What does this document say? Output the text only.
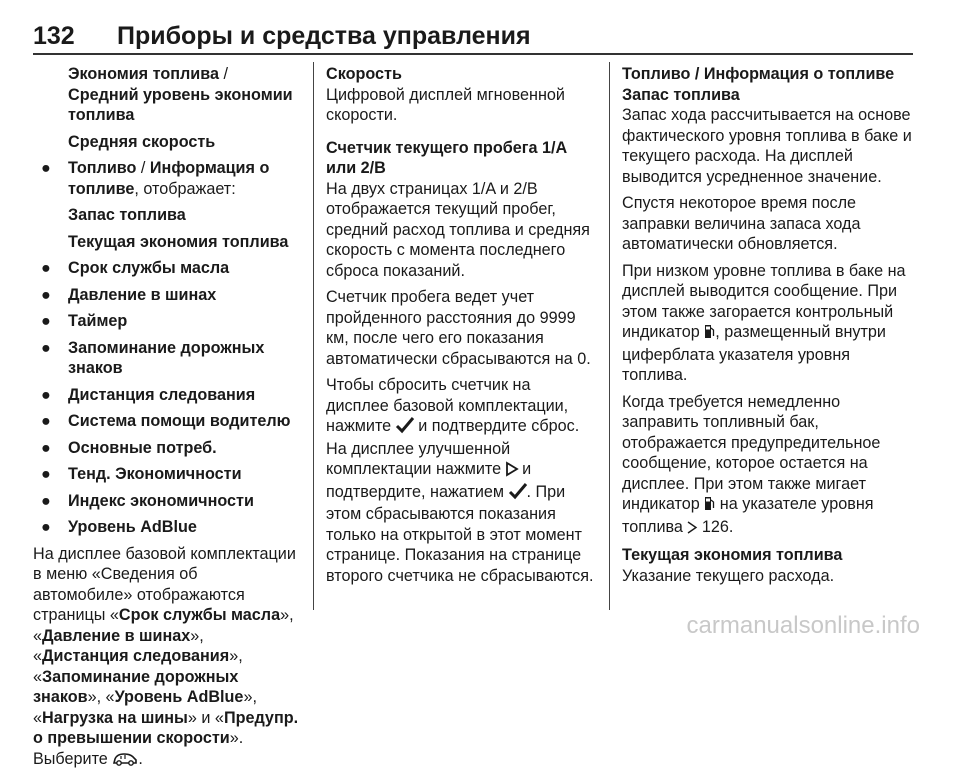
132 Приборы и средства управления
Экономия топлива / Средний уровень экономии топлива
Средняя скорость
● Топливо / Информация о топливе, отображает:
Запас топлива
Текущая экономия топлива
● Срок службы масла
● Давление в шинах
● Таймер
● Запоминание дорожных знаков
● Дистанция следования
● Система помощи водителю
● Основные потреб.
● Тенд. Экономичности
● Индекс экономичности
● Уровень AdBlue
На дисплее базовой комплектации в меню «Сведения об автомобиле» отображаются страницы «Срок службы масла», «Давление в шинах», «Дистанция следования», «Запоминание дорожных знаков», «Уровень AdBlue», «Нагрузка на шины» и «Предупр. о превышении скорости». Выберите .
Скорость
Цифровой дисплей мгновенной скорости.
Счетчик текущего пробега 1/A или 2/B
На двух страницах 1/A и 2/B отображается текущий пробег, средний расход топлива и средняя скорость с момента последнего сброса показаний.
Счетчик пробега ведет учет пройденного расстояния до 9999 км, после чего его показания автоматически сбрасываются на 0.
Чтобы сбросить счетчик на дисплее базовой комплектации, нажмите и подтвердите сброс. На дисплее улучшенной комплектации нажмите и подтвердите, нажатием . При этом сбрасываются показания только на открытой в этот момент странице. Показания на странице второго счетчика не сбрасываются.
Топливо / Информация о топливе
Запас топлива
Запас хода рассчитывается на основе фактического уровня топлива в баке и текущего расхода. На дисплей выводится усредненное значение.
Спустя некоторое время после заправки величина запаса хода автоматически обновляется.
При низком уровне топлива в баке на дисплей выводится сообщение. При этом также загорается контрольный индикатор , размещенный внутри циферблата указателя уровня топлива.
Когда требуется немедленно заправить топливный бак, отображается предупредительное сообщение, которое остается на дисплее. При этом также мигает индикатор на указателе уровня топлива 126.
Текущая экономия топлива
Указание текущего расхода.
carmanualsonline.info
